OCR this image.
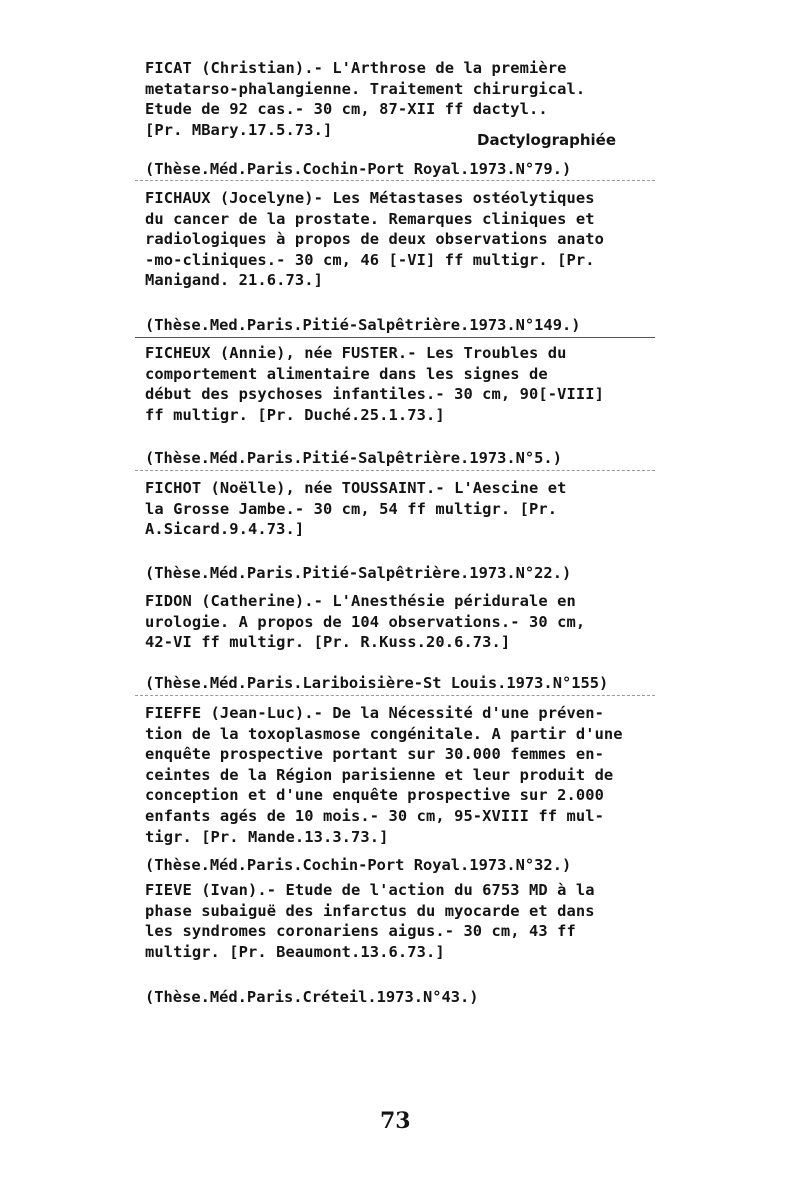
FICAT (Christian).- L'Arthrose de la première
metatarso-phalangienne. Traitement chirurgical.
Etude de 92 cas.- 30 cm, 87-XII ff dactyl..
[Pr. MBary.17.5.73.]
Dactylographiée
(Thèse.Méd.Paris.Cochin-Port Royal.1973.N°79.)
FICHAUX (Jocelyne)- Les Métastases ostéolytiques
du cancer de la prostate. Remarques cliniques et
radiologiques à propos de deux observations anato
-mo-cliniques.- 30 cm, 46 [-VI] ff multigr. [Pr.
Manigand. 21.6.73.]
(Thèse.Med.Paris.Pitié-Salpêtrière.1973.N°149.)
FICHEUX (Annie), née FUSTER.- Les Troubles du
comportement alimentaire dans les signes de
début des psychoses infantiles.- 30 cm, 90[-VIII]
ff multigr. [Pr. Duché.25.1.73.]
(Thèse.Méd.Paris.Pitié-Salpêtrière.1973.N°5.)
FICHOT (Noëlle), née TOUSSAINT.- L'Aescine et
la Grosse Jambe.- 30 cm, 54 ff multigr. [Pr.
A.Sicard.9.4.73.]
(Thèse.Méd.Paris.Pitié-Salpêtrière.1973.N°22.)
FIDON (Catherine).- L'Anesthésie péridurale en
urologie. A propos de 104 observations.- 30 cm,
42-VI ff multigr. [Pr. R.Kuss.20.6.73.]
(Thèse.Méd.Paris.Lariboisière-St Louis.1973.N°155)
FIEFFE (Jean-Luc).- De la Nécessité d'une préven-
tion de la toxoplasmose congénitale. A partir d'une
enquête prospective portant sur 30.000 femmes en-
ceintes de la Région parisienne et leur produit de
conception et d'une enquête prospective sur 2.000
enfants agés de 10 mois.- 30 cm, 95-XVIII ff mul-
tigr. [Pr. Mande.13.3.73.]
(Thèse.Méd.Paris.Cochin-Port Royal.1973.N°32.)
FIEVE (Ivan).- Etude de l'action du 6753 MD à la
phase subaiguë des infarctus du myocarde et dans
les syndromes coronariens aigus.- 30 cm, 43 ff
multigr. [Pr. Beaumont.13.6.73.]
(Thèse.Méd.Paris.Créteil.1973.N°43.)
73
